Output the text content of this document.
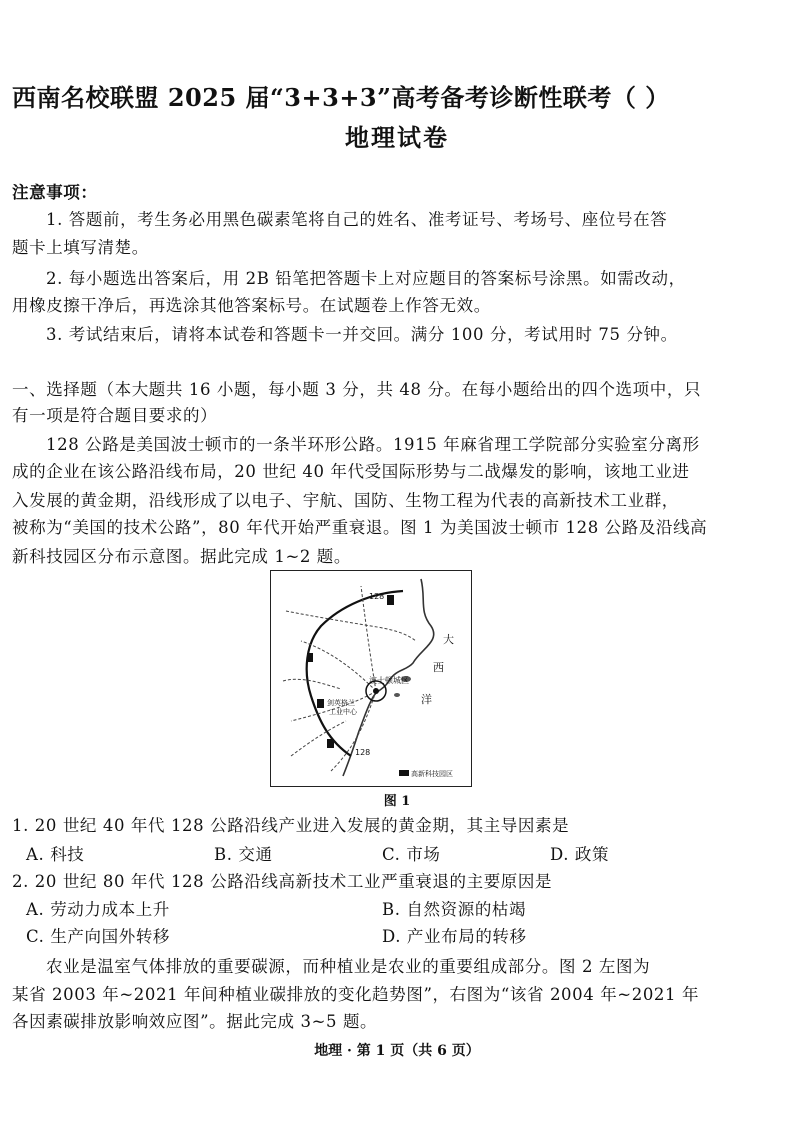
西南名校联盟 2025 届“3+3+3”高考备考诊断性联考（ ）
地理试卷
注意事项：
1. 答题前，考生务必用黑色碳素笔将自己的姓名、准考证号、考场号、座位号在答
题卡上填写清楚。
2. 每小题选出答案后，用 2B 铅笔把答题卡上对应题目的答案标号涂黑。如需改动，
用橡皮擦干净后，再选涂其他答案标号。在试题卷上作答无效。
3. 考试结束后，请将本试卷和答题卡一并交回。满分 100 分，考试用时 75 分钟。
一、选择题（本大题共 16 小题，每小题 3 分，共 48 分。在每小题给出的四个选项中，只
有一项是符合题目要求的）
128 公路是美国波士顿市的一条半环形公路。1915 年麻省理工学院部分实验室分离形
成的企业在该公路沿线布局，20 世纪 40 年代受国际形势与二战爆发的影响，该地工业进
入发展的黄金期，沿线形成了以电子、宇航、国防、生物工程为代表的高新技术工业群，
被称为“美国的技术公路”，80 年代开始严重衰退。图 1 为美国波士顿市 128 公路及沿线高
新科技园区分布示意图。据此完成 1~2 题。
128
128
波士顿城区
剑英格兰
工业中心
大
西
洋
高新科技园区
图 1
1. 20 世纪 40 年代 128 公路沿线产业进入发展的黄金期，其主导因素是
A. 科技	B. 交通	C. 市场	D. 政策
2. 20 世纪 80 年代 128 公路沿线高新技术工业严重衰退的主要原因是
A. 劳动力成本上升	B. 自然资源的枯竭
C. 生产向国外转移	D. 产业布局的转移
农业是温室气体排放的重要碳源，而种植业是农业的重要组成部分。图 2 左图为
某省 2003 年~2021 年间种植业碳排放的变化趋势图”，右图为“该省 2004 年~2021 年
各因素碳排放影响效应图”。据此完成 3~5 题。
地理 · 第 1 页（共 6 页）
